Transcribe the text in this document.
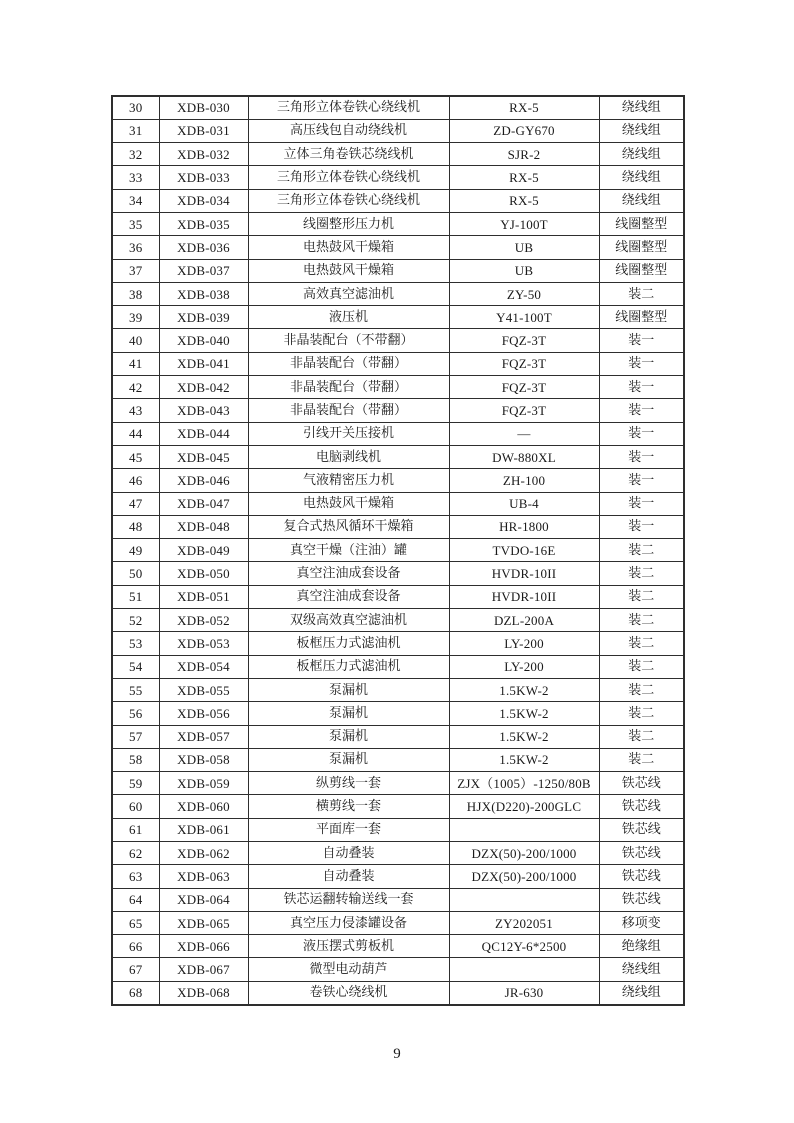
30	XDB-030	三角形立体卷铁心绕线机	RX-5	绕线组
31	XDB-031	高压线包自动绕线机	ZD-GY670	绕线组
32	XDB-032	立体三角卷铁芯绕线机	SJR-2	绕线组
33	XDB-033	三角形立体卷铁心绕线机	RX-5	绕线组
34	XDB-034	三角形立体卷铁心绕线机	RX-5	绕线组
35	XDB-035	线圈整形压力机	YJ-100T	线圈整型
36	XDB-036	电热鼓风干燥箱	UB	线圈整型
37	XDB-037	电热鼓风干燥箱	UB	线圈整型
38	XDB-038	高效真空滤油机	ZY-50	装二
39	XDB-039	液压机	Y41-100T	线圈整型
40	XDB-040	非晶装配台（不带翻）	FQZ-3T	装一
41	XDB-041	非晶装配台（带翻）	FQZ-3T	装一
42	XDB-042	非晶装配台（带翻）	FQZ-3T	装一
43	XDB-043	非晶装配台（带翻）	FQZ-3T	装一
44	XDB-044	引线开关压接机	—	装一
45	XDB-045	电脑剥线机	DW-880XL	装一
46	XDB-046	气液精密压力机	ZH-100	装一
47	XDB-047	电热鼓风干燥箱	UB-4	装一
48	XDB-048	复合式热风循环干燥箱	HR-1800	装一
49	XDB-049	真空干燥（注油）罐	TVDO-16E	装二
50	XDB-050	真空注油成套设备	HVDR-10II	装二
51	XDB-051	真空注油成套设备	HVDR-10II	装二
52	XDB-052	双级高效真空滤油机	DZL-200A	装二
53	XDB-053	板框压力式滤油机	LY-200	装二
54	XDB-054	板框压力式滤油机	LY-200	装二
55	XDB-055	泵漏机	1.5KW-2	装二
56	XDB-056	泵漏机	1.5KW-2	装二
57	XDB-057	泵漏机	1.5KW-2	装二
58	XDB-058	泵漏机	1.5KW-2	装二
59	XDB-059	纵剪线一套	ZJX（1005）-1250/80B	铁芯线
60	XDB-060	横剪线一套	HJX(D220)-200GLC	铁芯线
61	XDB-061	平面库一套		铁芯线
62	XDB-062	自动叠装	DZX(50)-200/1000	铁芯线
63	XDB-063	自动叠装	DZX(50)-200/1000	铁芯线
64	XDB-064	铁芯运翻转输送线一套		铁芯线
65	XDB-065	真空压力侵漆罐设备	ZY202051	移项变
66	XDB-066	液压摆式剪板机	QC12Y-6*2500	绝缘组
67	XDB-067	微型电动葫芦		绕线组
68	XDB-068	卷铁心绕线机	JR-630	绕线组
9
